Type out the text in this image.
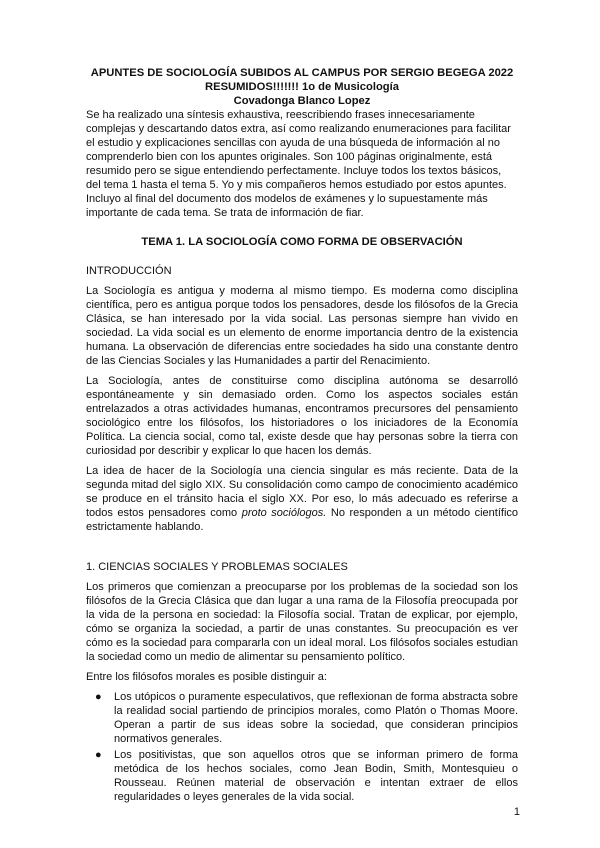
APUNTES DE SOCIOLOGÍA SUBIDOS AL CAMPUS POR SERGIO BEGEGA 2022
RESUMIDOS!!!!!!! 1o de Musicología
Covadonga Blanco Lopez

Se ha realizado una síntesis exhaustiva, reescribiendo frases innecesariamente complejas y descartando datos extra, así como realizando enumeraciones para facilitar el estudio y explicaciones sencillas con ayuda de una búsqueda de información al no comprenderlo bien con los apuntes originales. Son 100 páginas originalmente, está resumido pero se sigue entendiendo perfectamente. Incluye todos los textos básicos, del tema 1 hasta el tema 5. Yo y mis compañeros hemos estudiado por estos apuntes. Incluyo al final del documento dos modelos de exámenes y lo supuestamente más importante de cada tema. Se trata de información de fiar.

TEMA 1. LA SOCIOLOGÍA COMO FORMA DE OBSERVACIÓN

INTRODUCCIÓN

La Sociología es antigua y moderna al mismo tiempo. Es moderna como disciplina científica, pero es antigua porque todos los pensadores, desde los filósofos de la Grecia Clásica, se han interesado por la vida social. Las personas siempre han vivido en sociedad. La vida social es un elemento de enorme importancia dentro de la existencia humana. La observación de diferencias entre sociedades ha sido una constante dentro de las Ciencias Sociales y las Humanidades a partir del Renacimiento.

La Sociología, antes de constituirse como disciplina autónoma se desarrolló espontáneamente y sin demasiado orden. Como los aspectos sociales están entrelazados a otras actividades humanas, encontramos precursores del pensamiento sociológico entre los filósofos, los historiadores o los iniciadores de la Economía Política. La ciencia social, como tal, existe desde que hay personas sobre la tierra con curiosidad por describir y explicar lo que hacen los demás.

La idea de hacer de la Sociología una ciencia singular es más reciente. Data de la segunda mitad del siglo XIX. Su consolidación como campo de conocimiento académico se produce en el tránsito hacia el siglo XX. Por eso, lo más adecuado es referirse a todos estos pensadores como proto sociólogos. No responden a un método científico estrictamente hablando.

1. CIENCIAS SOCIALES Y PROBLEMAS SOCIALES

Los primeros que comienzan a preocuparse por los problemas de la sociedad son los filósofos de la Grecia Clásica que dan lugar a una rama de la Filosofía preocupada por la vida de la persona en sociedad: la Filosofía social. Tratan de explicar, por ejemplo, cómo se organiza la sociedad, a partir de unas constantes. Su preocupación es ver cómo es la sociedad para compararla con un ideal moral. Los filósofos sociales estudian la sociedad como un medio de alimentar su pensamiento político.

Entre los filósofos morales es posible distinguir a:

● Los utópicos o puramente especulativos, que reflexionan de forma abstracta sobre la realidad social partiendo de principios morales, como Platón o Thomas Moore. Operan a partir de sus ideas sobre la sociedad, que consideran principios normativos generales.
● Los positivistas, que son aquellos otros que se informan primero de forma metódica de los hechos sociales, como Jean Bodin, Smith, Montesquieu o Rousseau. Reúnen material de observación e intentan extraer de ellos regularidades o leyes generales de la vida social.
1
